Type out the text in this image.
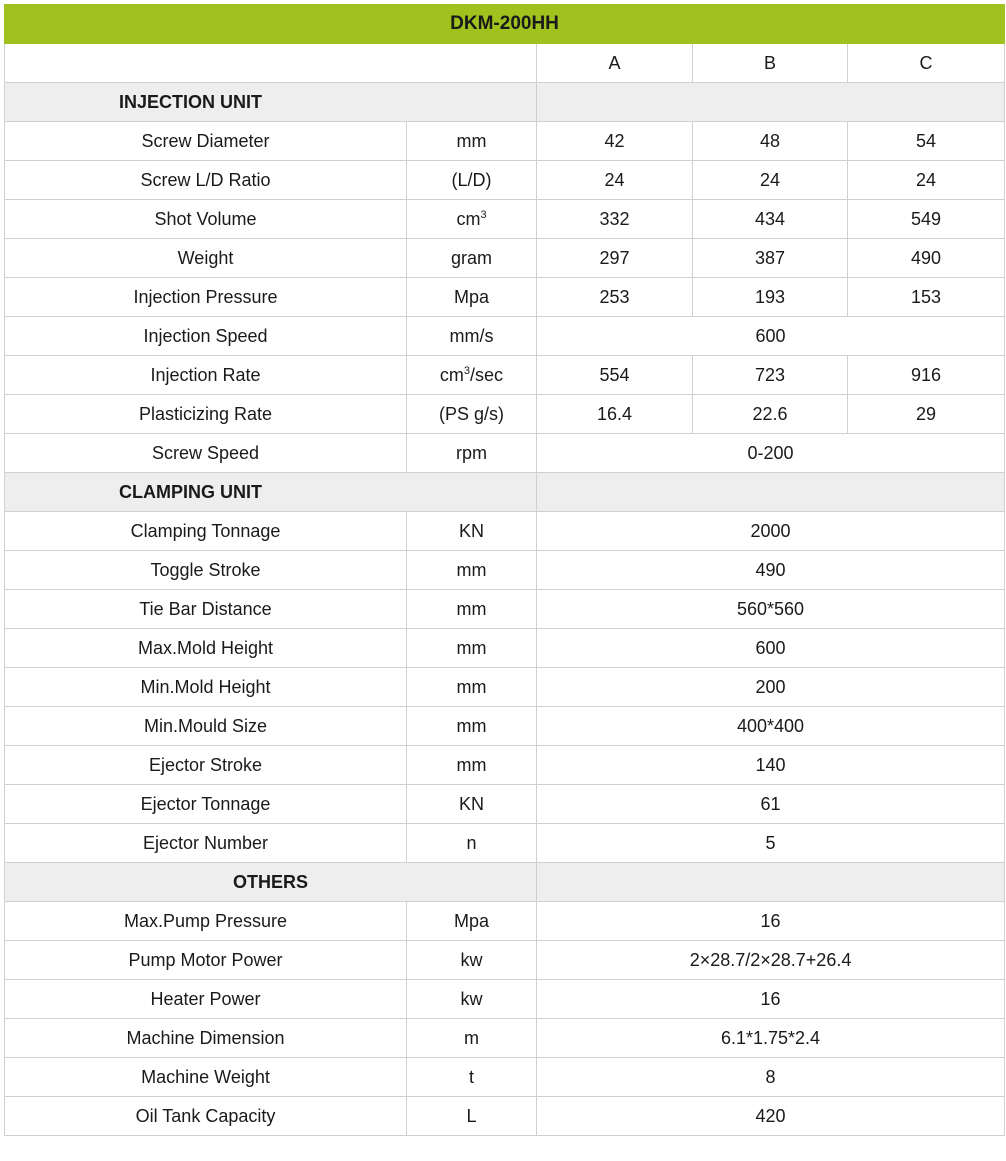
DKM-200HH				
		A	B	C
INJECTION UNIT				
Screw Diameter	mm	42	48	54
Screw L/D Ratio	(L/D)	24	24	24
Shot Volume	$cm^3$	332	434	549
Weight	gram	297	387	490
Injection Pressure	Mpa	253	193	153
Injection Speed	mm/s	600		
Injection Rate	$cm^3/\sec$	554	723	916
Plasticizing Rate	(PS g/s)	16.4	22.6	29
Screw Speed	rpm	0-200		
CLAMPING UNIT				
Clamping Tonnage	KN	2000		
Toggle Stroke	mm	490		
Tie Bar Distance	mm	560*560		
Max.Mold Height	mm	600		
Min.Mold Height	mm	200		
Min.Mould Size	mm	400*400		
Ejector Stroke	mm	140		
Ejector Tonnage	KN	61		
Ejector Number	n	5		
OTHERS				
Max.Pump Pressure	Mpa	16		
Pump Motor Power	kw	2×28.7/2×28.7+26.4		
Heater Power	kw	16		
Machine Dimension	m	6.1*1.75*2.4		
Machine Weight	t	8		
Oil Tank Capacity	L	420		
